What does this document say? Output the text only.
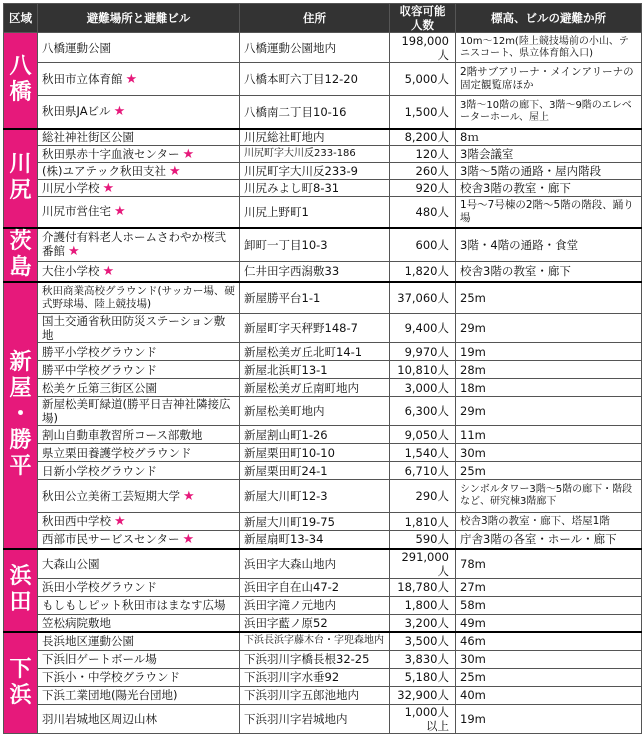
区域	避難場所と避難ビル	住所	収容可能人数	標高、ビルの避難か所

八
橋	八橋運動公園	八橋運動公園地内	198,000人	10m〜12m(陸上競技場前の小山、テニスコート、県立体育館入口)
	秋田市立体育館 ★	八橋本町六丁目12-20	5,000人	2階サブアリーナ・メインアリーナの固定観覧席ほか
	秋田県JAビル ★	八橋南二丁目10-16	1,500人	3階〜10階の廊下、3階〜9階のエレベーターホール、屋上

川
尻	総社神社街区公園	川尻総社町地内	8,200人	8ｍ
	秋田県赤十字血液センター ★	川尻町字大川反233-186	120人	3階会議室
	(株)ユアテック秋田支社 ★	川尻町字大川反233-9	260人	3階〜5階の通路・屋内階段
	川尻小学校 ★	川尻みよし町8-31	920人	校舎3階の教室・廊下
	川尻市営住宅 ★	川尻上野町1	480人	1号〜7号棟の2階〜5階の階段、踊り場

茨
島	介護付有料老人ホームさわやか桜弐番館 ★	卸町一丁目10-3	600人	3階・4階の通路・食堂
	大住小学校 ★	仁井田字西潟敷33	1,820人	校舎3階の教室・廊下

新
屋
・
勝
平	秋田商業高校グラウンド(サッカー場、硬式野球場、陸上競技場)	新屋勝平台1-1	37,060人	25m
	国土交通省秋田防災ステーション敷地	新屋町字天秤野148-7	9,400人	29m
	勝平小学校グラウンド	新屋松美ガ丘北町14-1	9,970人	19m
	勝平中学校グラウンド	新屋北浜町13-1	10,810人	28m
	松美ケ丘第三街区公園	新屋松美ガ丘南町地内	3,000人	18m
	新屋松美町緑道(勝平日吉神社隣接広場)	新屋松美町地内	6,300人	29m
	割山自動車教習所コース部敷地	新屋割山町1-26	9,050人	11m
	県立栗田養護学校グラウンド	新屋栗田町10-10	1,540人	30m
	日新小学校グラウンド	新屋栗田町24-1	6,710人	25m
	秋田公立美術工芸短期大学 ★	新屋大川町12-3	290人	シンボルタワー3階〜5階の廊下・階段など、研究棟3階廊下
	秋田西中学校 ★	新屋大川町19-75	1,810人	校舎3階の教室・廊下、塔屋1階
	西部市民サービスセンター ★	新屋扇町13-34	590人	庁舎3階の各室・ホール・廊下

浜
田	大森山公園	浜田字大森山地内	291,000人	78m
	浜田小学校グラウンド	浜田字自在山47-2	18,780人	27m
	もしもしピット秋田市はまなす広場	浜田字滝ノ元地内	1,800人	58m
	笠松病院敷地	浜田字藍ノ原52	3,200人	49m

下
浜	長浜地区運動公園	下浜長浜字藤木台・字兜森地内	3,500人	46m
	下浜旧ゲートボール場	下浜羽川字橋長根32-25	3,830人	30m
	下浜小・中学校グラウンド	下浜羽川字水垂92	5,180人	25m
	下浜工業団地(陽光台団地)	下浜羽川字五郎池地内	32,900人	40m
	羽川岩城地区周辺山林	下浜羽川字岩城地内	1,000人以上	19m
